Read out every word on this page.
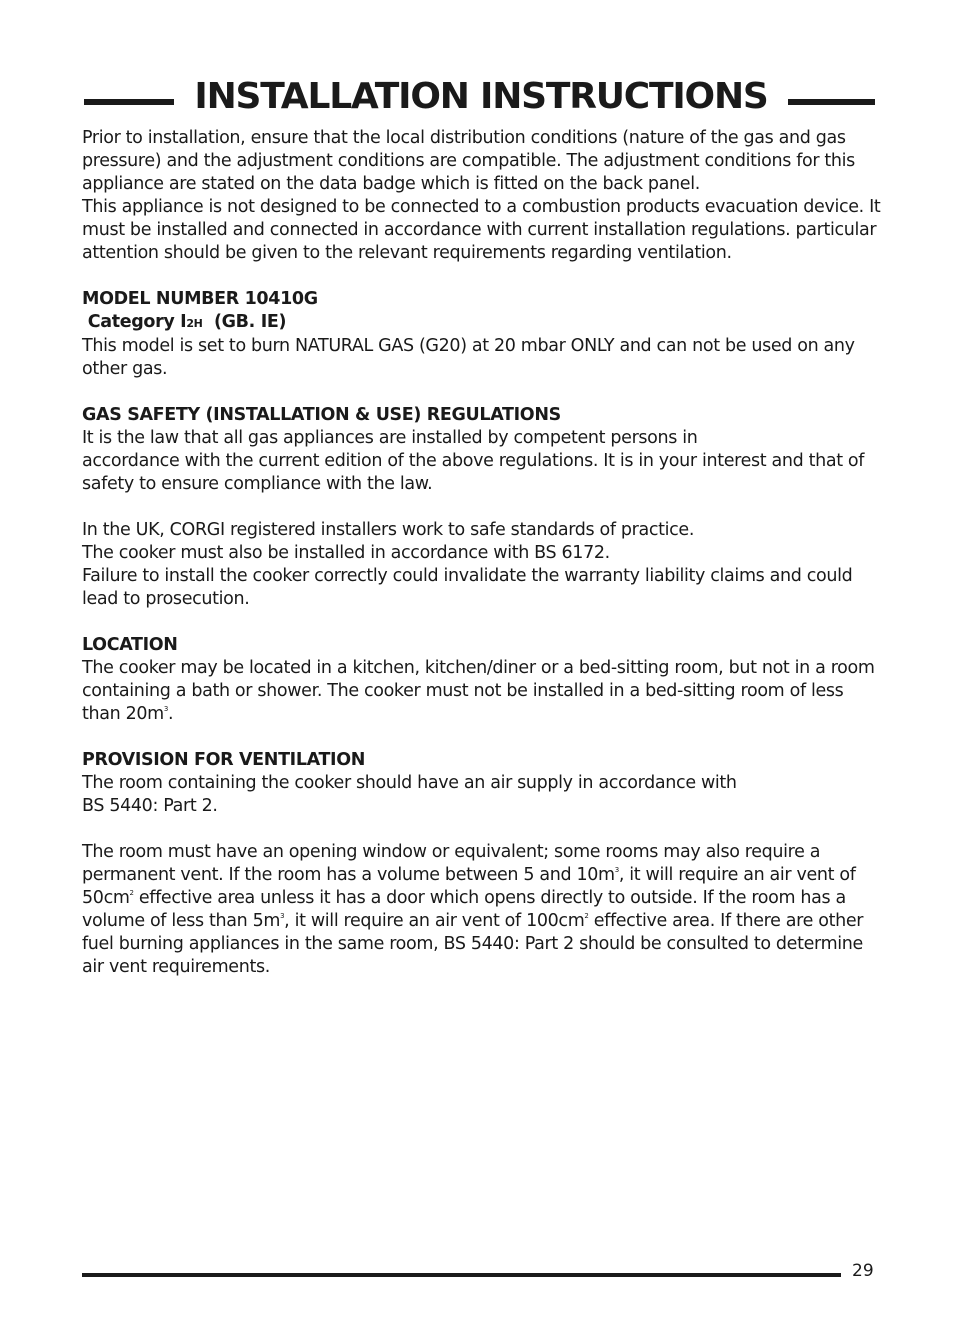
INSTALLATION INSTRUCTIONS

Prior to installation, ensure that the local distribution conditions (nature of the gas and gas pressure) and the adjustment conditions are compatible. The adjustment conditions for this appliance are stated on the data badge which is fitted on the back panel.

This appliance is not designed to be connected to a combustion products evacuation device. It must be installed and connected in accordance with current installation regulations. particular attention should be given to the relevant requirements regarding ventilation.

MODEL NUMBER 10410G

Category I2H (GB. IE)

This model is set to burn NATURAL GAS (G20) at 20 mbar ONLY and can not be used on any other gas.

GAS SAFETY (INSTALLATION & USE) REGULATIONS

It is the law that all gas appliances are installed by competent persons in
accordance with the current edition of the above regulations. It is in your interest and that of safety to ensure compliance with the law.

In the UK, CORGI registered installers work to safe standards of practice.

The cooker must also be installed in accordance with BS 6172.

Failure to install the cooker correctly could invalidate the warranty liability claims and could lead to prosecution.

LOCATION

The cooker may be located in a kitchen, kitchen/diner or a bed-sitting room, but not in a room containing a bath or shower. The cooker must not be installed in a bed-sitting room of less than $20m^3$.

PROVISION FOR VENTILATION

The room containing the cooker should have an air supply in accordance with
BS 5440: Part 2.

The room must have an opening window or equivalent; some rooms may also require a permanent vent. If the room has a volume between 5 and $10m^3$, it will require an air vent of $50cm^2$ effective area unless it has a door which opens directly to outside. If the room has a volume of less than $5m^3$, it will require an air vent of $100cm^2$ effective area. If there are other fuel burning appliances in the same room, BS 5440: Part 2 should be consulted to determine air vent requirements.

29
